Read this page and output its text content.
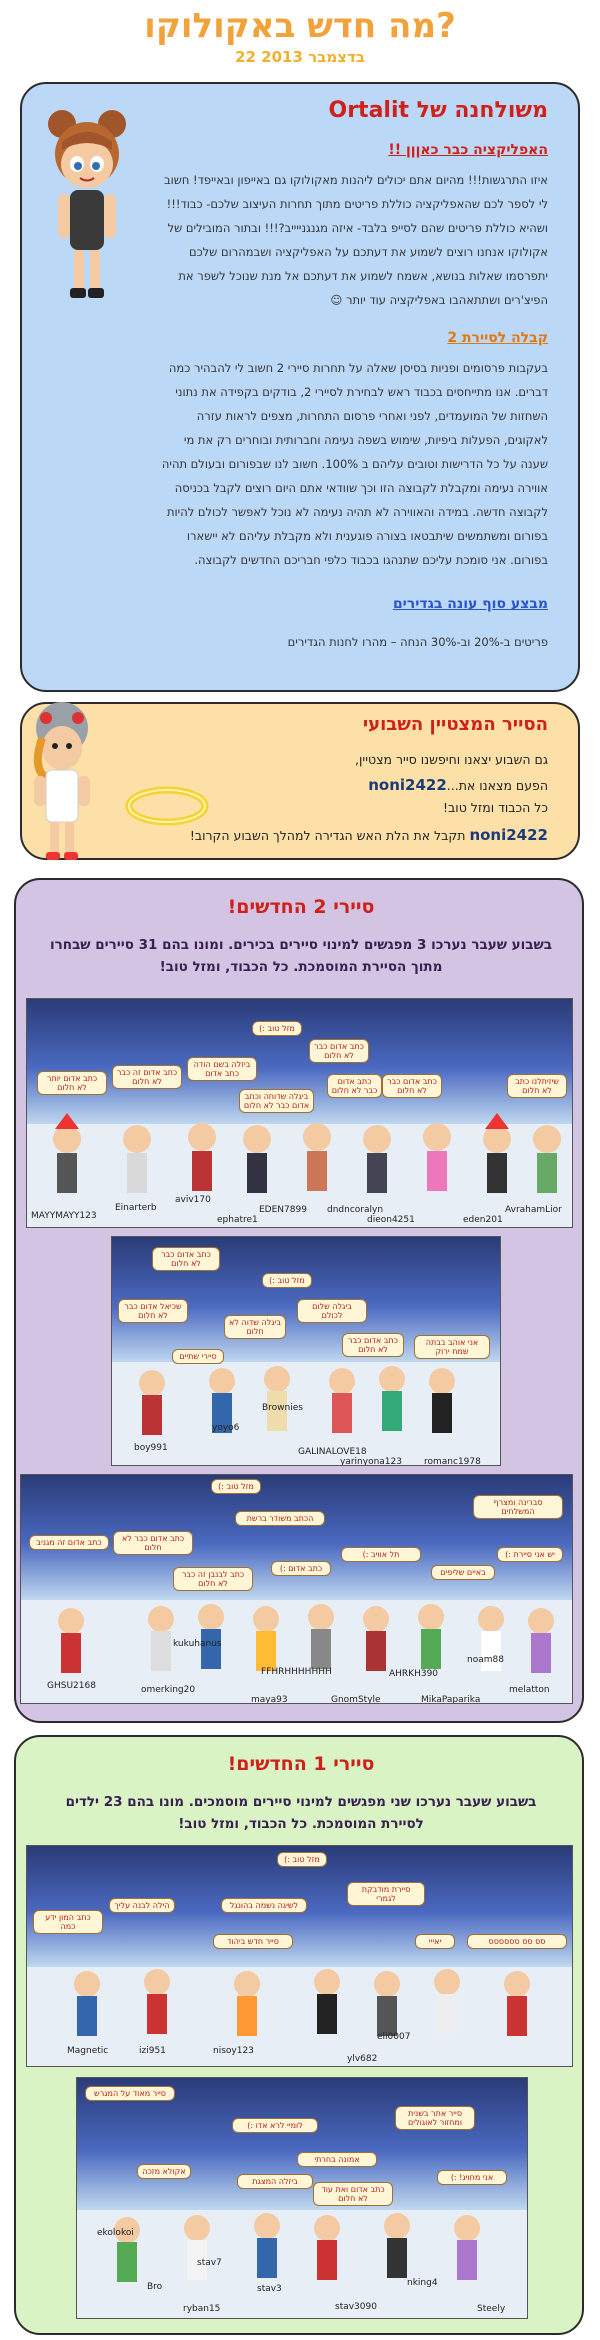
מה חדש באקולוקו?
22 בדצמבר 2013
משולחנה של Ortalit
האפליקציה כבר כאןןן !!
איזו התרגשות!!! מהיום אתם יכולים ליהנות מאקולוקו גם באייפון ובאייפד! חשוב לי לספר לכם שהאפליקציה כוללת פריטים מתוך תחרות העיצוב שלכם- כבוד!!! ושהיא כוללת פריטים שהם לסייפ בלבד- איזה מגנגנייייב?!!! ובתור המובילים של אקולוקו אנחנו רוצים לשמוע את דעתכם על האפליקציה ושבמהרום שלכם יתפרסמו שאלות בנושא, אשמח לשמוע את דעתכם אל מנת שנוכל לשפר את הפיצ'רים ושתתאהבו באפליקציה עוד יותר ☺
קבלה לסיירת 2
בעקבות פרסומים ופניות בסיסן שאלה על תחרות סיירי 2 חשוב לי להבהיר כמה דברים. אנו מתייחסים בכבוד ראש לבחירת לסיירי 2, בודקים בקפידה את נתוני השחזות של המועמדים, לפני ואחרי פרסום התחרות, מצפים לראות עזרה לאקוגים, הפעלות ביפיות, שימוש בשפה נעימה וחברותית ובוחרים רק את מי שענה על כל הדרישות וטובים עליהם ב 100%. חשוב לנו שבפורום ובעולם תהיה אווירה נעימה ומקבלת לקבוצה הזו וכך שוודאי אתם היום רוצים לקבל בכניסה לקבוצה חדשה. במידה והאווירה לא תהיה נעימה לא נוכל לאפשר לכולם להיות בפורום ומשתמשים שיתבטאו בצורה פוגענית ולא מקבלת עליהם לא יישארו בפורום. אני סומכת עליכם שתנהגו בכבוד כלפי חבריכם החדשים לקבוצה.
מבצע סוף עונה בגדירים
פריטים ב-20% וב-30% הנחה – מהרו לחנות הגדירים
הסייר המצטיין השבועי
גם השבוע יצאנו וחיפשנו סייר מצטיין,
הפעם מצאנו את...noni2422
כל הכבוד ומזל טוב!
noni2422 תקבל את הלת האש הגדירה למהלך השבוע הקרוב!
סיירי 2 החדשים!
בשבוע שעבר נערכו 3 מפגשים למינוי סיירים בכירים. ומונו בהם 31 סיירים שבחרו מתוך הסיירת המוסמכת. כל הכבוד, ומזל טוב!
כתב אדום יותר לא חלום
כתב אדום זה כבר לא חלום
ביזלה בשם הודה כתב אדום
ביגלה שדוחה וכתב אדום כבר לא חלום
כתב אדום כבר לא חלום
כתב אדום כבר לא חלום
מזל טוב :)
כתב אדום כבר לא חלום
שיזיתלנו כתב לא חלום
MAYYMAYY123
Einarterb
aviv170
ephatre1
EDEN7899 dndncoralyn
dieon4251	eden201
AvrahamLior
כתב אדום כבר לא חלום
מזל טוב :)
שכיאל אדום כבר לא חלום
ביגלה שדוה לא חלום
ביגלה שלום לכולם
אני אוהב בבתה שמח ירוק
כתב אדום כבר לא חלום
סיירי שתיים
boy991
yoyo6
Brownies
GALINALOVE18
yarinyona123 romanc1978
מזל טוב :)
הכתב משודר ברשת
סברינה ומצרף המשלחים
כתב אדום זה מגניב	כתב אדום כבר לא חלום
תל אוויב :)
כתב לבנבן זה כבר לא חלום
כתב אדום :)	באיים שליפים
יש אני סיירת :)
GHSU2168	omerking20
kukuhanus
maya93
FFHRHHHHHHH
GnomStyle
AHRKH390
noam88
MikaPaparika
melatton
סיירי 1 החדשים!
בשבוע שעבר נערכו שני מפגשים למינוי סיירים מוסמכים. מונו בהם 23 ילדים לסיירת המוסמכת. כל הכבוד, ומזל טוב!
מזל טוב :)
סיירת מודבקת לגמרי
כתב המון ידע כמה
הילה לבנה עליך	לשיגה נשמה בהונגל
סייר חדש ביהוד	יאייי	סס סס סססססס
Magnetic	izi951	nisoy123
eli0007
ylv682
סייר מאוד על המגרש
לומיי לרא אדו :)
סייר אתר בשנית ומחזור לאוגולים
אמונה בחרתי
ביזלה המצגת
כתב אדום ואת עוד לא חלום
אני מחויג! :)
אקולא מזכה
ekolokoi
stav3
stav3090
stav7
Bro
ryban15
nking4
Steely
